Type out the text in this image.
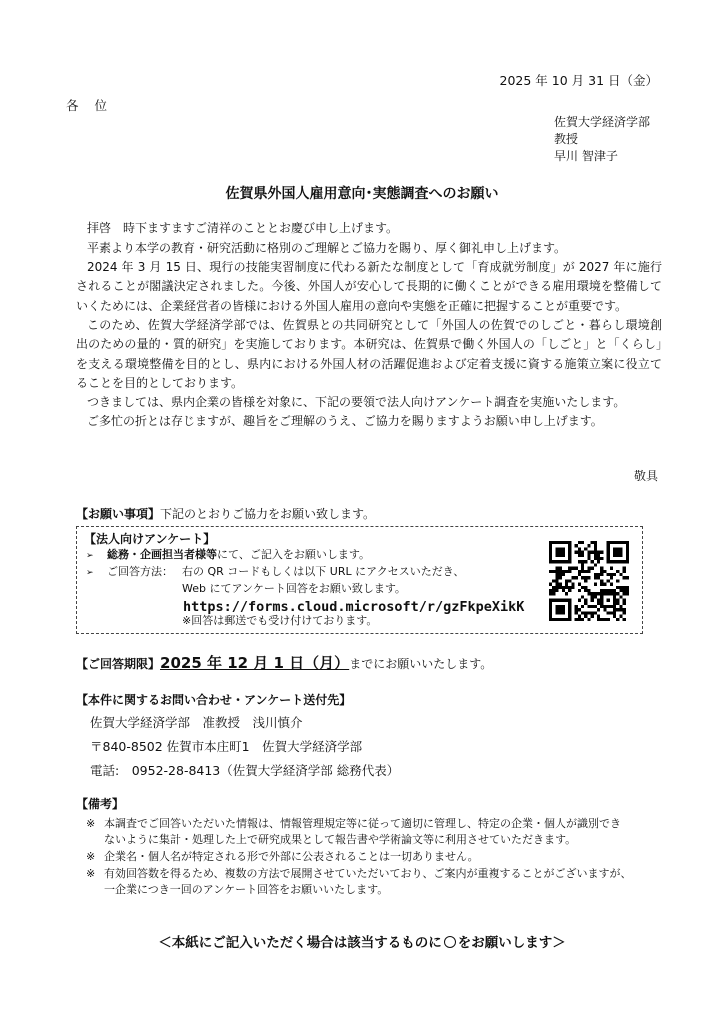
2025 年 10 月 31 日（金）
各 位
佐賀大学経済学部
教授
早川 智津子
佐賀県外国人雇用意向･実態調査へのお願い
拝啓　時下ますますご清祥のこととお慶び申し上げます。
平素より本学の教育・研究活動に格別のご理解とご協力を賜り、厚く御礼申し上げます。
2024 年 3 月 15 日、現行の技能実習制度に代わる新たな制度として「育成就労制度」が 2027 年に施行されることが閣議決定されました。今後、外国人が安心して長期的に働くことができる雇用環境を整備していくためには、企業経営者の皆様における外国人雇用の意向や実態を正確に把握することが重要です。
このため、佐賀大学経済学部では、佐賀県との共同研究として「外国人の佐賀でのしごと・暮らし環境創出のための量的・質的研究」を実施しております。本研究は、佐賀県で働く外国人の「しごと」と「くらし」を支える環境整備を目的とし、県内における外国人材の活躍促進および定着支援に資する施策立案に役立てることを目的としております。
つきましては、県内企業の皆様を対象に、下記の要領で法人向けアンケート調査を実施いたします。
ご多忙の折とは存じますが、趣旨をご理解のうえ、ご協力を賜りますようお願い申し上げます。
敬具
【お願い事項】下記のとおりご協力をお願い致します。
【法人向けアンケート】
➢ 総務・企画担当者様等にて、ご記入をお願いします。
➢ ご回答方法： 右の QR コードもしくは以下 URL にアクセスいただき、
Web にてアンケート回答をお願い致します。
https://forms.cloud.microsoft/r/gzFkpeXikK
※回答は郵送でも受け付けております。
【ご回答期限】2025 年 12 月 1 日（月）までにお願いいたします。
【本件に関するお問い合わせ・アンケート送付先】
佐賀大学経済学部　准教授　浅川慎介
〒840-8502 佐賀市本庄町1　佐賀大学経済学部
電話:　0952-28-8413（佐賀大学経済学部 総務代表）
【備考】
※ 本調査でご回答いただいた情報は、情報管理規定等に従って適切に管理し、特定の企業・個人が識別でき
ないように集計・処理した上で研究成果として報告書や学術論文等に利用させていただきます。
※ 企業名・個人名が特定される形で外部に公表されることは一切ありません。
※ 有効回答数を得るため、複数の方法で展開させていただいており、ご案内が重複することがございますが、
一企業につき一回のアンケート回答をお願いいたします。
＜本紙にご記入いただく場合は該当するものに ○ をお願いします＞
